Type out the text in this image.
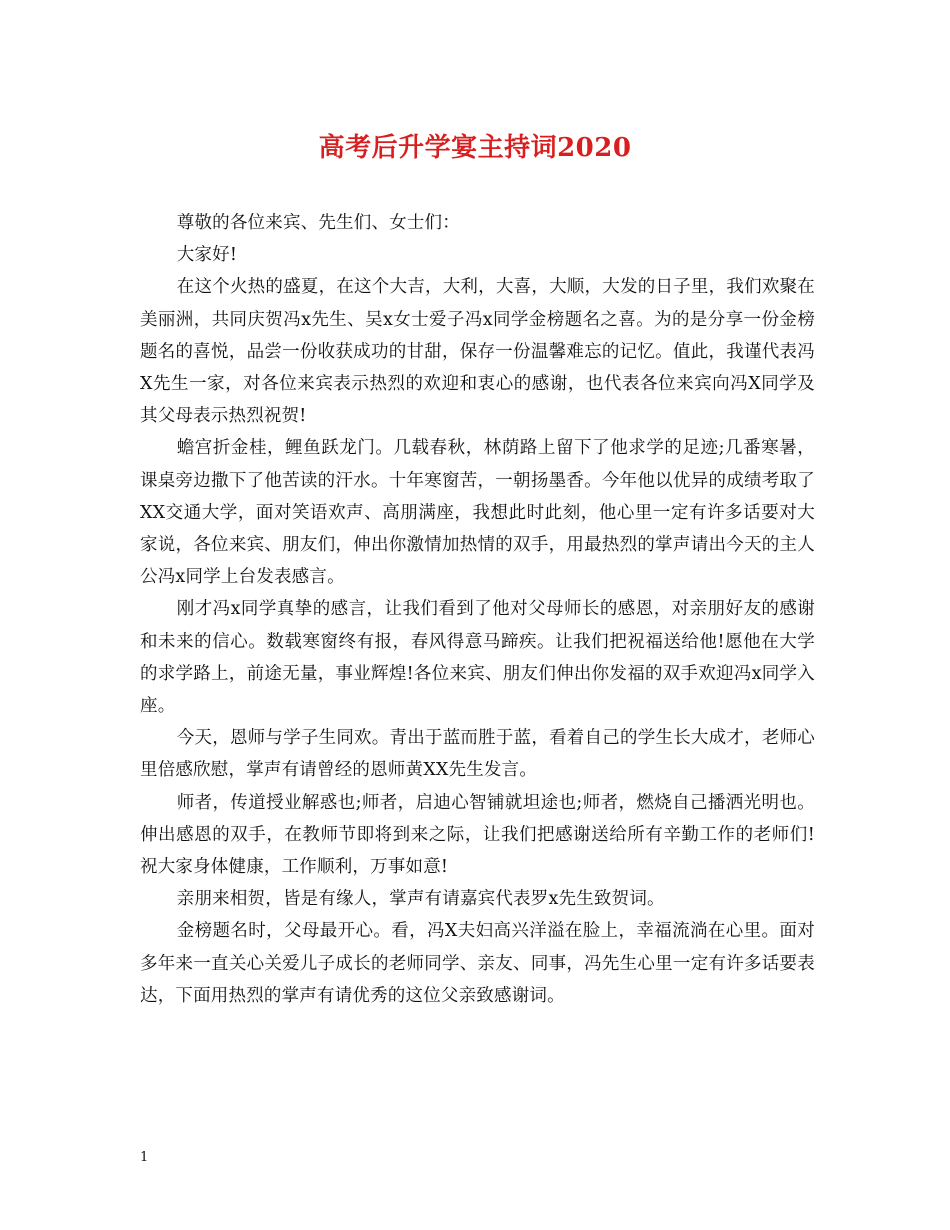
高考后升学宴主持词2020

尊敬的各位来宾、先生们、女士们：

大家好!

在这个火热的盛夏，在这个大吉，大利，大喜，大顺，大发的日子里，我们欢聚在美丽洲，共同庆贺冯x先生、吴x女士爱子冯x同学金榜题名之喜。为的是分享一份金榜题名的喜悦，品尝一份收获成功的甘甜，保存一份温馨难忘的记忆。值此，我谨代表冯X先生一家，对各位来宾表示热烈的欢迎和衷心的感谢，也代表各位来宾向冯X同学及其父母表示热烈祝贺!

蟾宫折金桂，鲤鱼跃龙门。几载春秋，林荫路上留下了他求学的足迹;几番寒暑，课桌旁边撒下了他苦读的汗水。十年寒窗苦，一朝扬墨香。今年他以优异的成绩考取了XX交通大学，面对笑语欢声、高朋满座，我想此时此刻，他心里一定有许多话要对大家说，各位来宾、朋友们，伸出你激情加热情的双手，用最热烈的掌声请出今天的主人公冯x同学上台发表感言。

刚才冯x同学真挚的感言，让我们看到了他对父母师长的感恩，对亲朋好友的感谢和未来的信心。数载寒窗终有报，春风得意马蹄疾。让我们把祝福送给他!愿他在大学的求学路上，前途无量，事业辉煌!各位来宾、朋友们伸出你发福的双手欢迎冯x同学入座。

今天，恩师与学子生同欢。青出于蓝而胜于蓝，看着自己的学生长大成才，老师心里倍感欣慰，掌声有请曾经的恩师黄XX先生发言。

师者，传道授业解惑也;师者，启迪心智铺就坦途也;师者，燃烧自己播洒光明也。伸出感恩的双手，在教师节即将到来之际，让我们把感谢送给所有辛勤工作的老师们!祝大家身体健康，工作顺利，万事如意!

亲朋来相贺，皆是有缘人，掌声有请嘉宾代表罗x先生致贺词。

金榜题名时，父母最开心。看，冯X夫妇高兴洋溢在脸上，幸福流淌在心里。面对多年来一直关心关爱儿子成长的老师同学、亲友、同事，冯先生心里一定有许多话要表达，下面用热烈的掌声有请优秀的这位父亲致感谢词。

1
